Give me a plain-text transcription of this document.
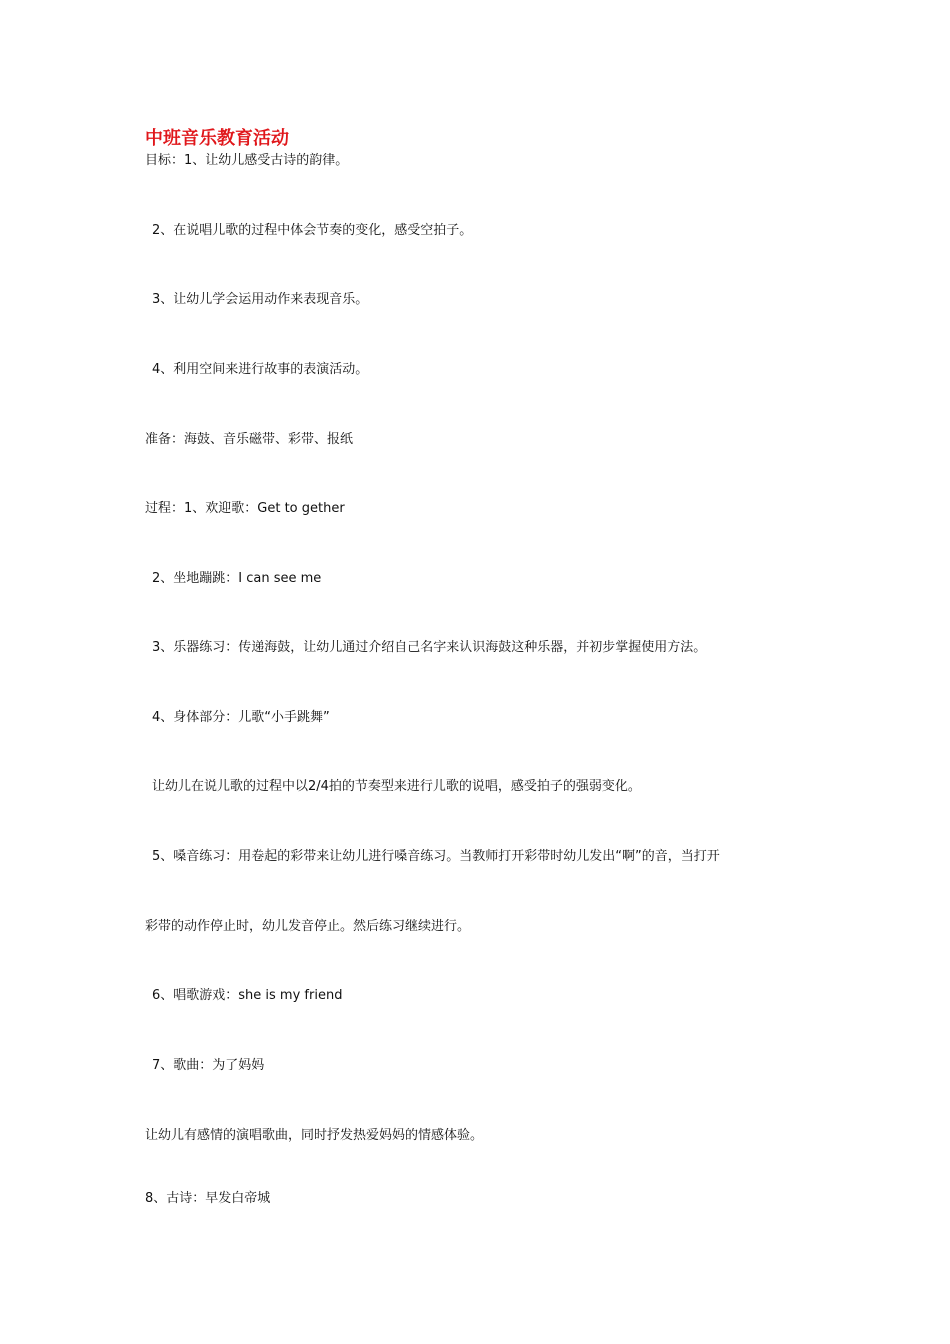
中班音乐教育活动
目标：1、让幼儿感受古诗的韵律。
2、在说唱儿歌的过程中体会节奏的变化，感受空拍子。
3、让幼儿学会运用动作来表现音乐。
4、利用空间来进行故事的表演活动。
准备：海鼓、音乐磁带、彩带、报纸
过程：1、欢迎歌：Get to gether
2、坐地蹦跳：I can see me
3、乐器练习：传递海鼓，让幼儿通过介绍自己名字来认识海鼓这种乐器，并初步掌握使用方法。
4、身体部分：儿歌“小手跳舞”
让幼儿在说儿歌的过程中以2/4拍的节奏型来进行儿歌的说唱，感受拍子的强弱变化。
5、嗓音练习：用卷起的彩带来让幼儿进行嗓音练习。当教师打开彩带时幼儿发出“啊”的音，当打开
彩带的动作停止时，幼儿发音停止。然后练习继续进行。
6、唱歌游戏：she is my friend
7、歌曲：为了妈妈
让幼儿有感情的演唱歌曲，同时抒发热爱妈妈的情感体验。
8、古诗：早发白帝城
